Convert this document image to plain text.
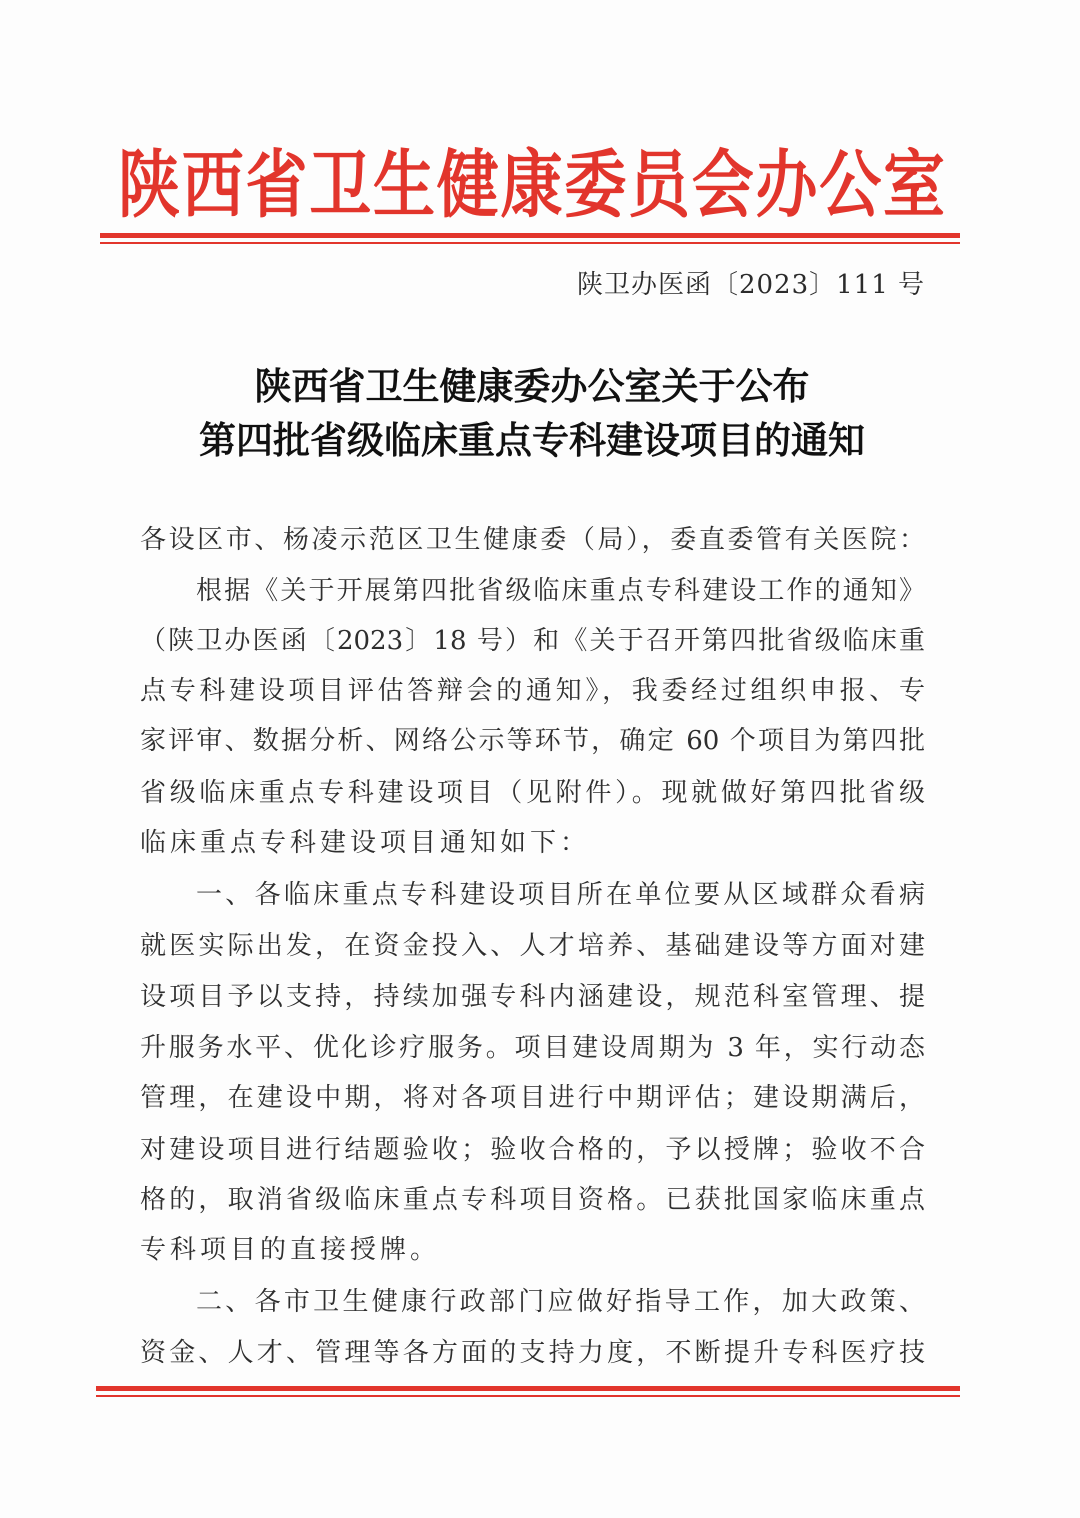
陕西省卫生健康委员会办公室
陕卫办医函〔2023〕111 号
陕西省卫生健康委办公室关于公布
第四批省级临床重点专科建设项目的通知
各设区市、杨凌示范区卫生健康委（局），委直委管有关医院：
根据《关于开展第四批省级临床重点专科建设工作的通知》
（陕卫办医函〔2023〕18 号）和《关于召开第四批省级临床重
点专科建设项目评估答辩会的通知》，我委经过组织申报、专
家评审、数据分析、网络公示等环节，确定 60 个项目为第四批
省级临床重点专科建设项目（见附件）。现就做好第四批省级
临床重点专科建设项目通知如下：
一、各临床重点专科建设项目所在单位要从区域群众看病
就医实际出发，在资金投入、人才培养、基础建设等方面对建
设项目予以支持，持续加强专科内涵建设，规范科室管理、提
升服务水平、优化诊疗服务。项目建设周期为 3 年，实行动态
管理，在建设中期，将对各项目进行中期评估；建设期满后，
对建设项目进行结题验收；验收合格的，予以授牌；验收不合
格的，取消省级临床重点专科项目资格。已获批国家临床重点
专科项目的直接授牌。
二、各市卫生健康行政部门应做好指导工作，加大政策、
资金、人才、管理等各方面的支持力度，不断提升专科医疗技
